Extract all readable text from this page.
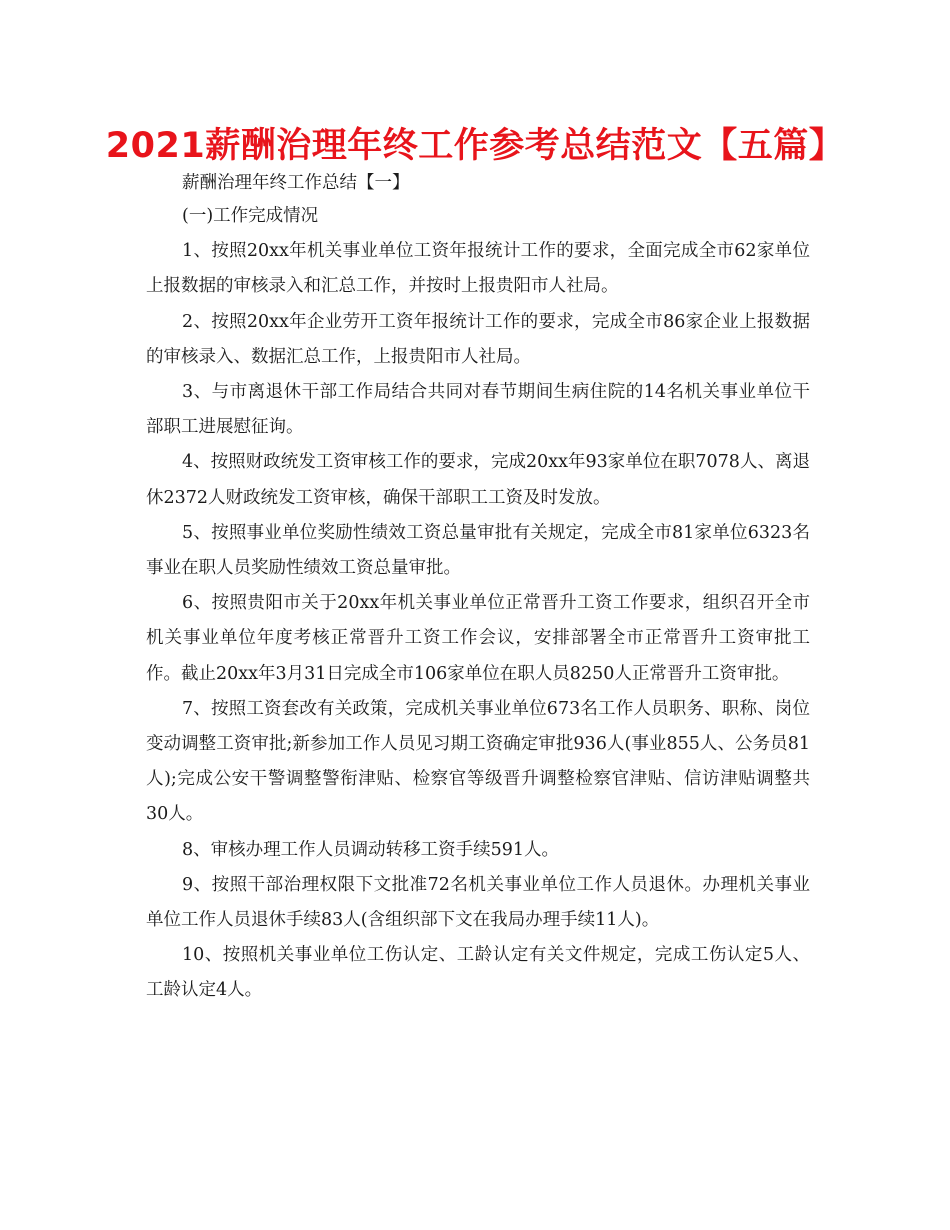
2021薪酬治理年终工作参考总结范文【五篇】

薪酬治理年终工作总结【一】

(一)工作完成情况

1、按照20xx年机关事业单位工资年报统计工作的要求，全面完成全市62家单位上报数据的审核录入和汇总工作，并按时上报贵阳市人社局。

2、按照20xx年企业劳开工资年报统计工作的要求，完成全市86家企业上报数据的审核录入、数据汇总工作，上报贵阳市人社局。

3、与市离退休干部工作局结合共同对春节期间生病住院的14名机关事业单位干部职工进展慰征询。

4、按照财政统发工资审核工作的要求，完成20xx年93家单位在职7078人、离退休2372人财政统发工资审核，确保干部职工工资及时发放。

5、按照事业单位奖励性绩效工资总量审批有关规定，完成全市81家单位6323名事业在职人员奖励性绩效工资总量审批。

6、按照贵阳市关于20xx年机关事业单位正常晋升工资工作要求，组织召开全市机关事业单位年度考核正常晋升工资工作会议，安排部署全市正常晋升工资审批工作。截止20xx年3月31日完成全市106家单位在职人员8250人正常晋升工资审批。

7、按照工资套改有关政策，完成机关事业单位673名工作人员职务、职称、岗位变动调整工资审批;新参加工作人员见习期工资确定审批936人(事业855人、公务员81人);完成公安干警调整警衔津贴、检察官等级晋升调整检察官津贴、信访津贴调整共30人。

8、审核办理工作人员调动转移工资手续591人。

9、按照干部治理权限下文批准72名机关事业单位工作人员退休。办理机关事业单位工作人员退休手续83人(含组织部下文在我局办理手续11人)。

10、按照机关事业单位工伤认定、工龄认定有关文件规定，完成工伤认定5人、工龄认定4人。
